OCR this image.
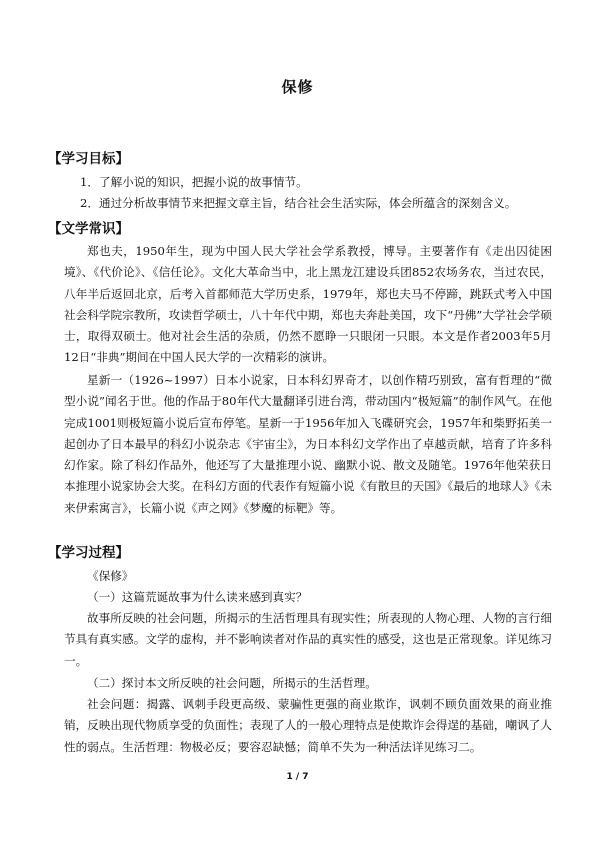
保修
【学习目标】
1．了解小说的知识，把握小说的故事情节。
2．通过分析故事情节来把握文章主旨，结合社会生活实际，体会所蕴含的深刻含义。
【文学常识】

郑也夫，1950年生，现为中国人民大学社会学系教授，博导。主要著作有《走出囚徒困境》、《代价论》、《信任论》。文化大革命当中，北上黑龙江建设兵团852农场务农，当过农民，八年半后返回北京，后考入首都师范大学历史系，1979年，郑也夫马不停蹄，跳跃式考入中国社会科学院宗教所，攻读哲学硕士，八十年代中期，郑也夫奔赴美国，攻下“丹佛”大学社会学硕士，取得双硕士。他对社会生活的杂质，仍然不愿睁一只眼闭一只眼。本文是作者2003年5月12日“非典”期间在中国人民大学的一次精彩的演讲。

星新一（1926~1997）日本小说家，日本科幻界奇才，以创作精巧别致，富有哲理的“微型小说”闻名于世。他的作品于80年代大量翻译引进台湾，带动国内“极短篇”的制作风气。在他完成1001则极短篇小说后宣布停笔。星新一于1956年加入飞碟研究会，1957年和柴野拓美一起创办了日本最早的科幻小说杂志《宇宙尘》，为日本科幻文学作出了卓越贡献，培育了许多科幻作家。除了科幻作品外，他还写了大量推理小说、幽默小说、散文及随笔。1976年他荣获日本推理小说家协会大奖。在科幻方面的代表作有短篇小说《有散旦的天国》《最后的地球人》《未来伊索寓言》，长篇小说《声之网》《梦魔的标靶》等。

【学习过程】

《保修》

（一）这篇荒诞故事为什么读来感到真实？

故事所反映的社会问题，所揭示的生活哲理具有现实性；所表现的人物心理、人物的言行细节具有真实感。文学的虚构，并不影响读者对作品的真实性的感受，这也是正常现象。详见练习一。

（二）探讨本文所反映的社会问题，所揭示的生活哲理。

社会问题：揭露、讽刺手段更高级、蒙骗性更强的商业欺诈，讽刺不顾负面效果的商业推销，反映出现代物质享受的负面性；表现了人的一般心理特点是使欺诈会得逞的基础，嘲讽了人性的弱点。生活哲理：物极必反；要容忍缺憾；简单不失为一种活法详见练习二。

1 / 7
